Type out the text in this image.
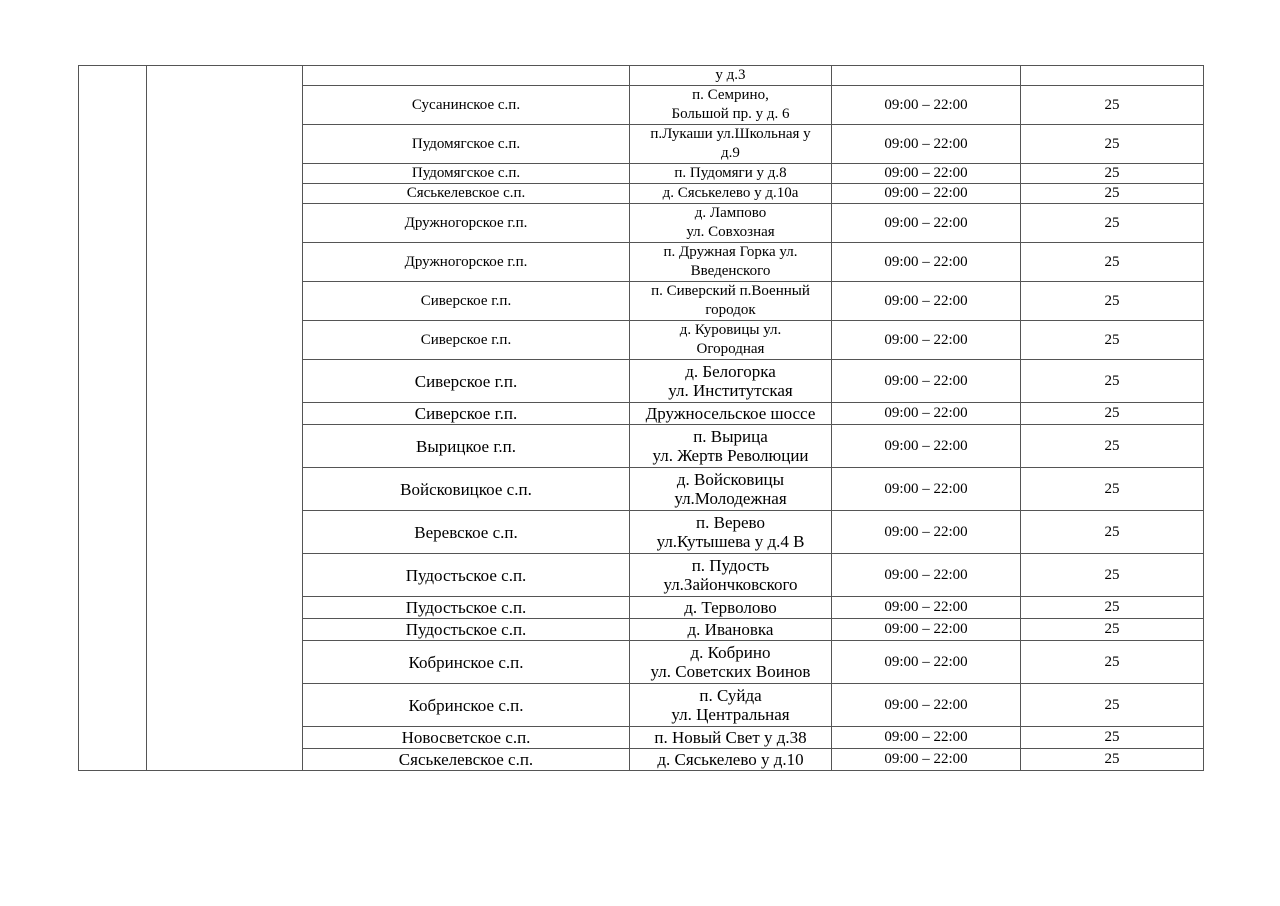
			у д.3		

		Сусанинское с.п.	п. Семрино,
Большой пр. у д. 6	09:00 – 22:00	25
		Пудомягское с.п.	п.Лукаши ул.Школьная у
д.9	09:00 – 22:00	25
		Пудомягское с.п.	п. Пудомяги у д.8	09:00 – 22:00	25
		Сяськелевское с.п.	д. Сяськелево у д.10а	09:00 – 22:00	25
		Дружногорское г.п.	д. Лампово
ул. Совхозная	09:00 – 22:00	25
		Дружногорское г.п.	п. Дружная Горка ул.
Введенского	09:00 – 22:00	25
		Сиверское г.п.	п. Сиверский п.Военный
городок	09:00 – 22:00	25
		Сиверское г.п.	д. Куровицы ул.
Огородная	09:00 – 22:00	25
		Сиверское г.п.	д. Белогорка
ул. Институтская	09:00 – 22:00	25
		Сиверское г.п.	Дружносельское шоссе	09:00 – 22:00	25
		Вырицкое г.п.	п. Вырица
ул. Жертв Революции	09:00 – 22:00	25
		Войсковицкое с.п.	д. Войсковицы
ул.Молодежная	09:00 – 22:00	25
		Веревское с.п.	п. Верево
ул.Кутышева у д.4 В	09:00 – 22:00	25
		Пудостьское с.п.	п. Пудость
ул.Зайончковского	09:00 – 22:00	25
		Пудостьское с.п.	д. Терволово	09:00 – 22:00	25
		Пудостьское с.п.	д. Ивановка	09:00 – 22:00	25
		Кобринское с.п.	д. Кобрино
ул. Советских Воинов	09:00 – 22:00	25
		Кобринское с.п.	п. Суйда
ул. Центральная	09:00 – 22:00	25
		Новосветское с.п.	п. Новый Свет у д.38	09:00 – 22:00	25
		Сяськелевское с.п.	д. Сяськелево у д.10	09:00 – 22:00	25
